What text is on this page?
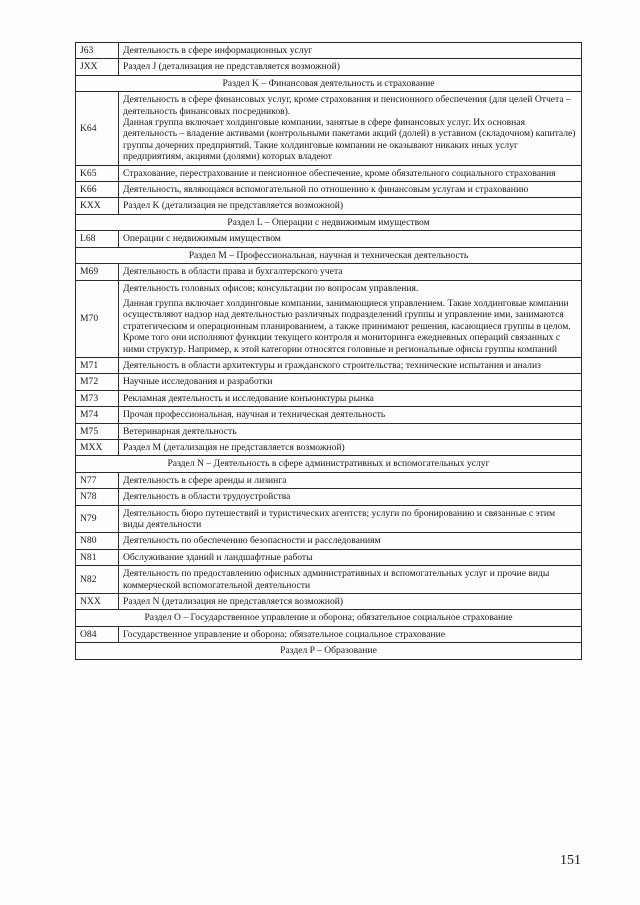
J63	Деятельность в сфере информационных услуг

JXX	Раздел J (детализация не представляется возможной)

Раздел K – Финансовая деятельность и страхование	
K64	Деятельность в сфере финансовых услуг, кроме страхования и пенсионного обеспечения (для целей Отчета – деятельность финансовых посредников).
Данная группа включает холдинговые компании, занятые в сфере финансовых услуг. Их основная деятельность – владение активами (контрольными пакетами акций (долей) в уставном (складочном) капитале) группы дочерних предприятий. Такие холдинговые компании не оказывают никаких иных услуг предприятиям, акциями (долями) которых владеют

K65	Страхование, перестрахование и пенсионное обеспечение, кроме обязательного социального страхования

K66	Деятельность, являющаяся вспомогательной по отношению к финансовым услугам и страхованию

KXX	Раздел K (детализация не представляется возможной)

Раздел L – Операции с недвижимым имуществом	
L68	Операции с недвижимым имуществом

Раздел M – Профессиональная, научная и техническая деятельность	
M69	Деятельность в области права и бухгалтерского учета

M70	Деятельность головных офисов; консультации по вопросам управления.
Данная группа включает холдинговые компании, занимающиеся управлением. Такие холдинговые компании осуществляют надзор над деятельностью различных подразделений группы и управление ими, занимаются стратегическим и операционным планированием, а также принимают решения, касающиеся группы в целом. Кроме того они исполняют функции текущего контроля и мониторинга ежедневных операций связанных с ними структур. Например, к этой категории относятся головные и региональные офисы группы компаний

M71	Деятельность в области архитектуры и гражданского строительства; технические испытания и анализ

M72	Научные исследования и разработки

M73	Рекламная деятельность и исследование конъюнктуры рынка

M74	Прочая профессиональная, научная и техническая деятельность

M75	Ветеринарная деятельность

MXX	Раздел M (детализация не представляется возможной)

Раздел N – Деятельность в сфере административных и вспомогательных услуг	
N77	Деятельность в сфере аренды и лизинга

N78	Деятельность в области трудоустройства

N79	Деятельность бюро путешествий и туристических агентств; услуги по бронированию и связанные с этим виды деятельности

N80	Деятельность по обеспечению безопасности и расследованиям

N81	Обслуживание зданий и ландшафтные работы

N82	Деятельность по предоставлению офисных административных и вспомогательных услуг и прочие виды коммерческой вспомогательной деятельности

NXX	Раздел N (детализация не представляется возможной)

Раздел O – Государственное управление и оборона; обязательное социальное страхование	
O84	Государственное управление и оборона; обязательное социальное страхование

Раздел P – Образование	
151
